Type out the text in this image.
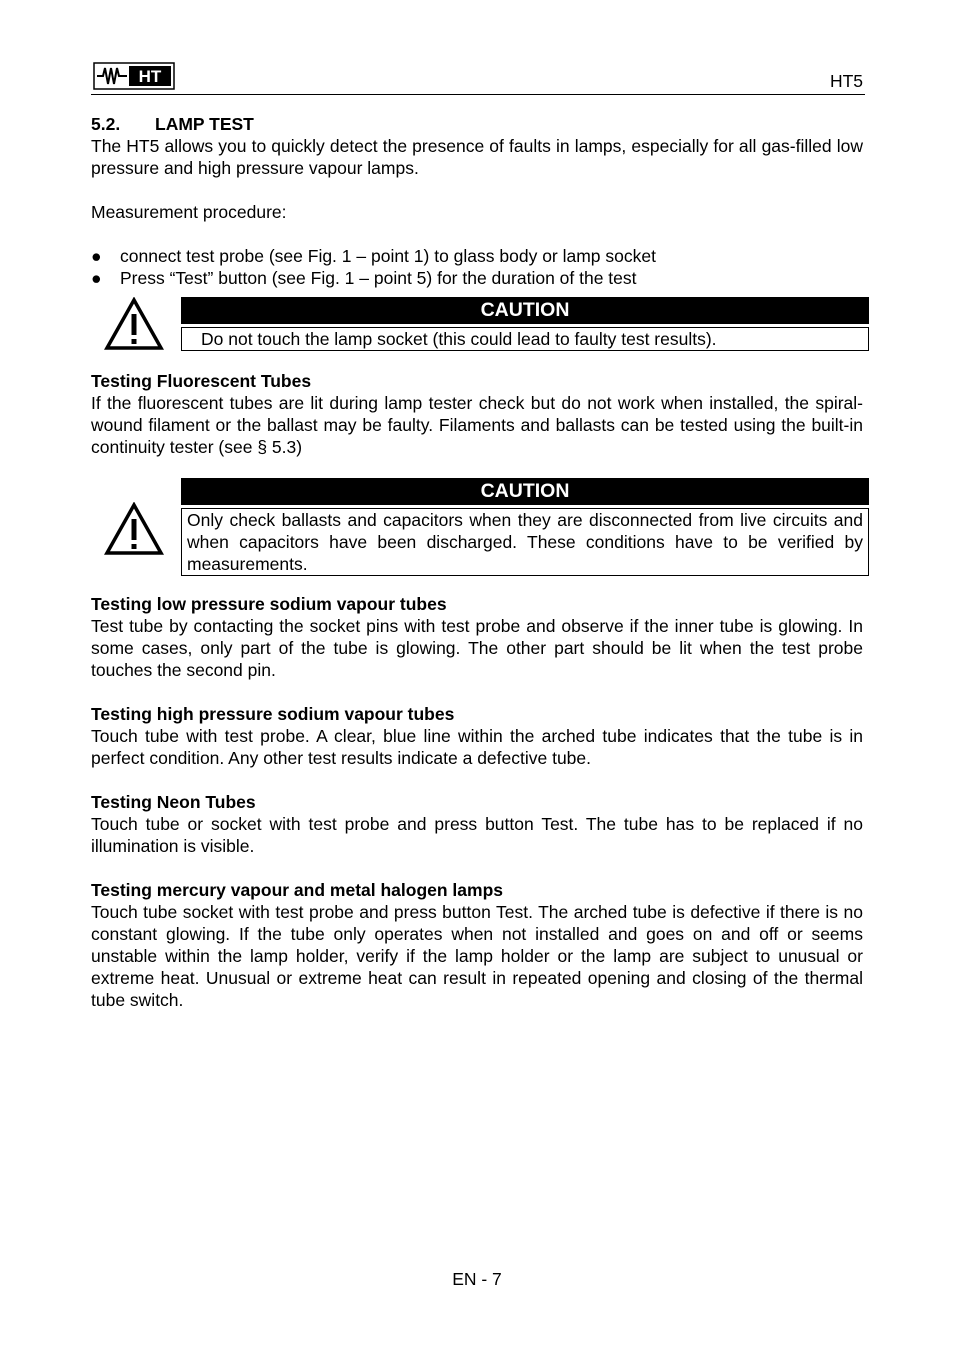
HT	HT5

5.2. LAMP TEST

The HT5 allows you to quickly detect the presence of faults in lamps, especially for all gas-filled low pressure and high pressure vapour lamps.

Measurement procedure:

● connect test probe (see Fig. 1 – point 1) to glass body or lamp socket
● Press “Test” button (see Fig. 1 – point 5) for the duration of the test
CAUTION
Do not touch the lamp socket (this could lead to faulty test results).
Testing Fluorescent Tubes

If the fluorescent tubes are lit during lamp tester check but do not work when installed, the spiral-wound filament or the ballast may be faulty. Filaments and ballasts can be tested using the built-in continuity tester (see § 5.3)

CAUTION
Only check ballasts and capacitors when they are disconnected from live circuits and when capacitors have been discharged. These conditions have to be verified by measurements.
Testing low pressure sodium vapour tubes

Test tube by contacting the socket pins with test probe and observe if the inner tube is glowing. In some cases, only part of the tube is glowing. The other part should be lit when the test probe touches the second pin.

Testing high pressure sodium vapour tubes

Touch tube with test probe. A clear, blue line within the arched tube indicates that the tube is in perfect condition. Any other test results indicate a defective tube.

Testing Neon Tubes

Touch tube or socket with test probe and press button Test. The tube has to be replaced if no illumination is visible.

Testing mercury vapour and metal halogen lamps

Touch tube socket with test probe and press button Test. The arched tube is defective if there is no constant glowing. If the tube only operates when not installed and goes on and off or seems unstable within the lamp holder, verify if the lamp holder or the lamp are subject to unusual or extreme heat. Unusual or extreme heat can result in repeated opening and closing of the thermal tube switch.

EN - 7
